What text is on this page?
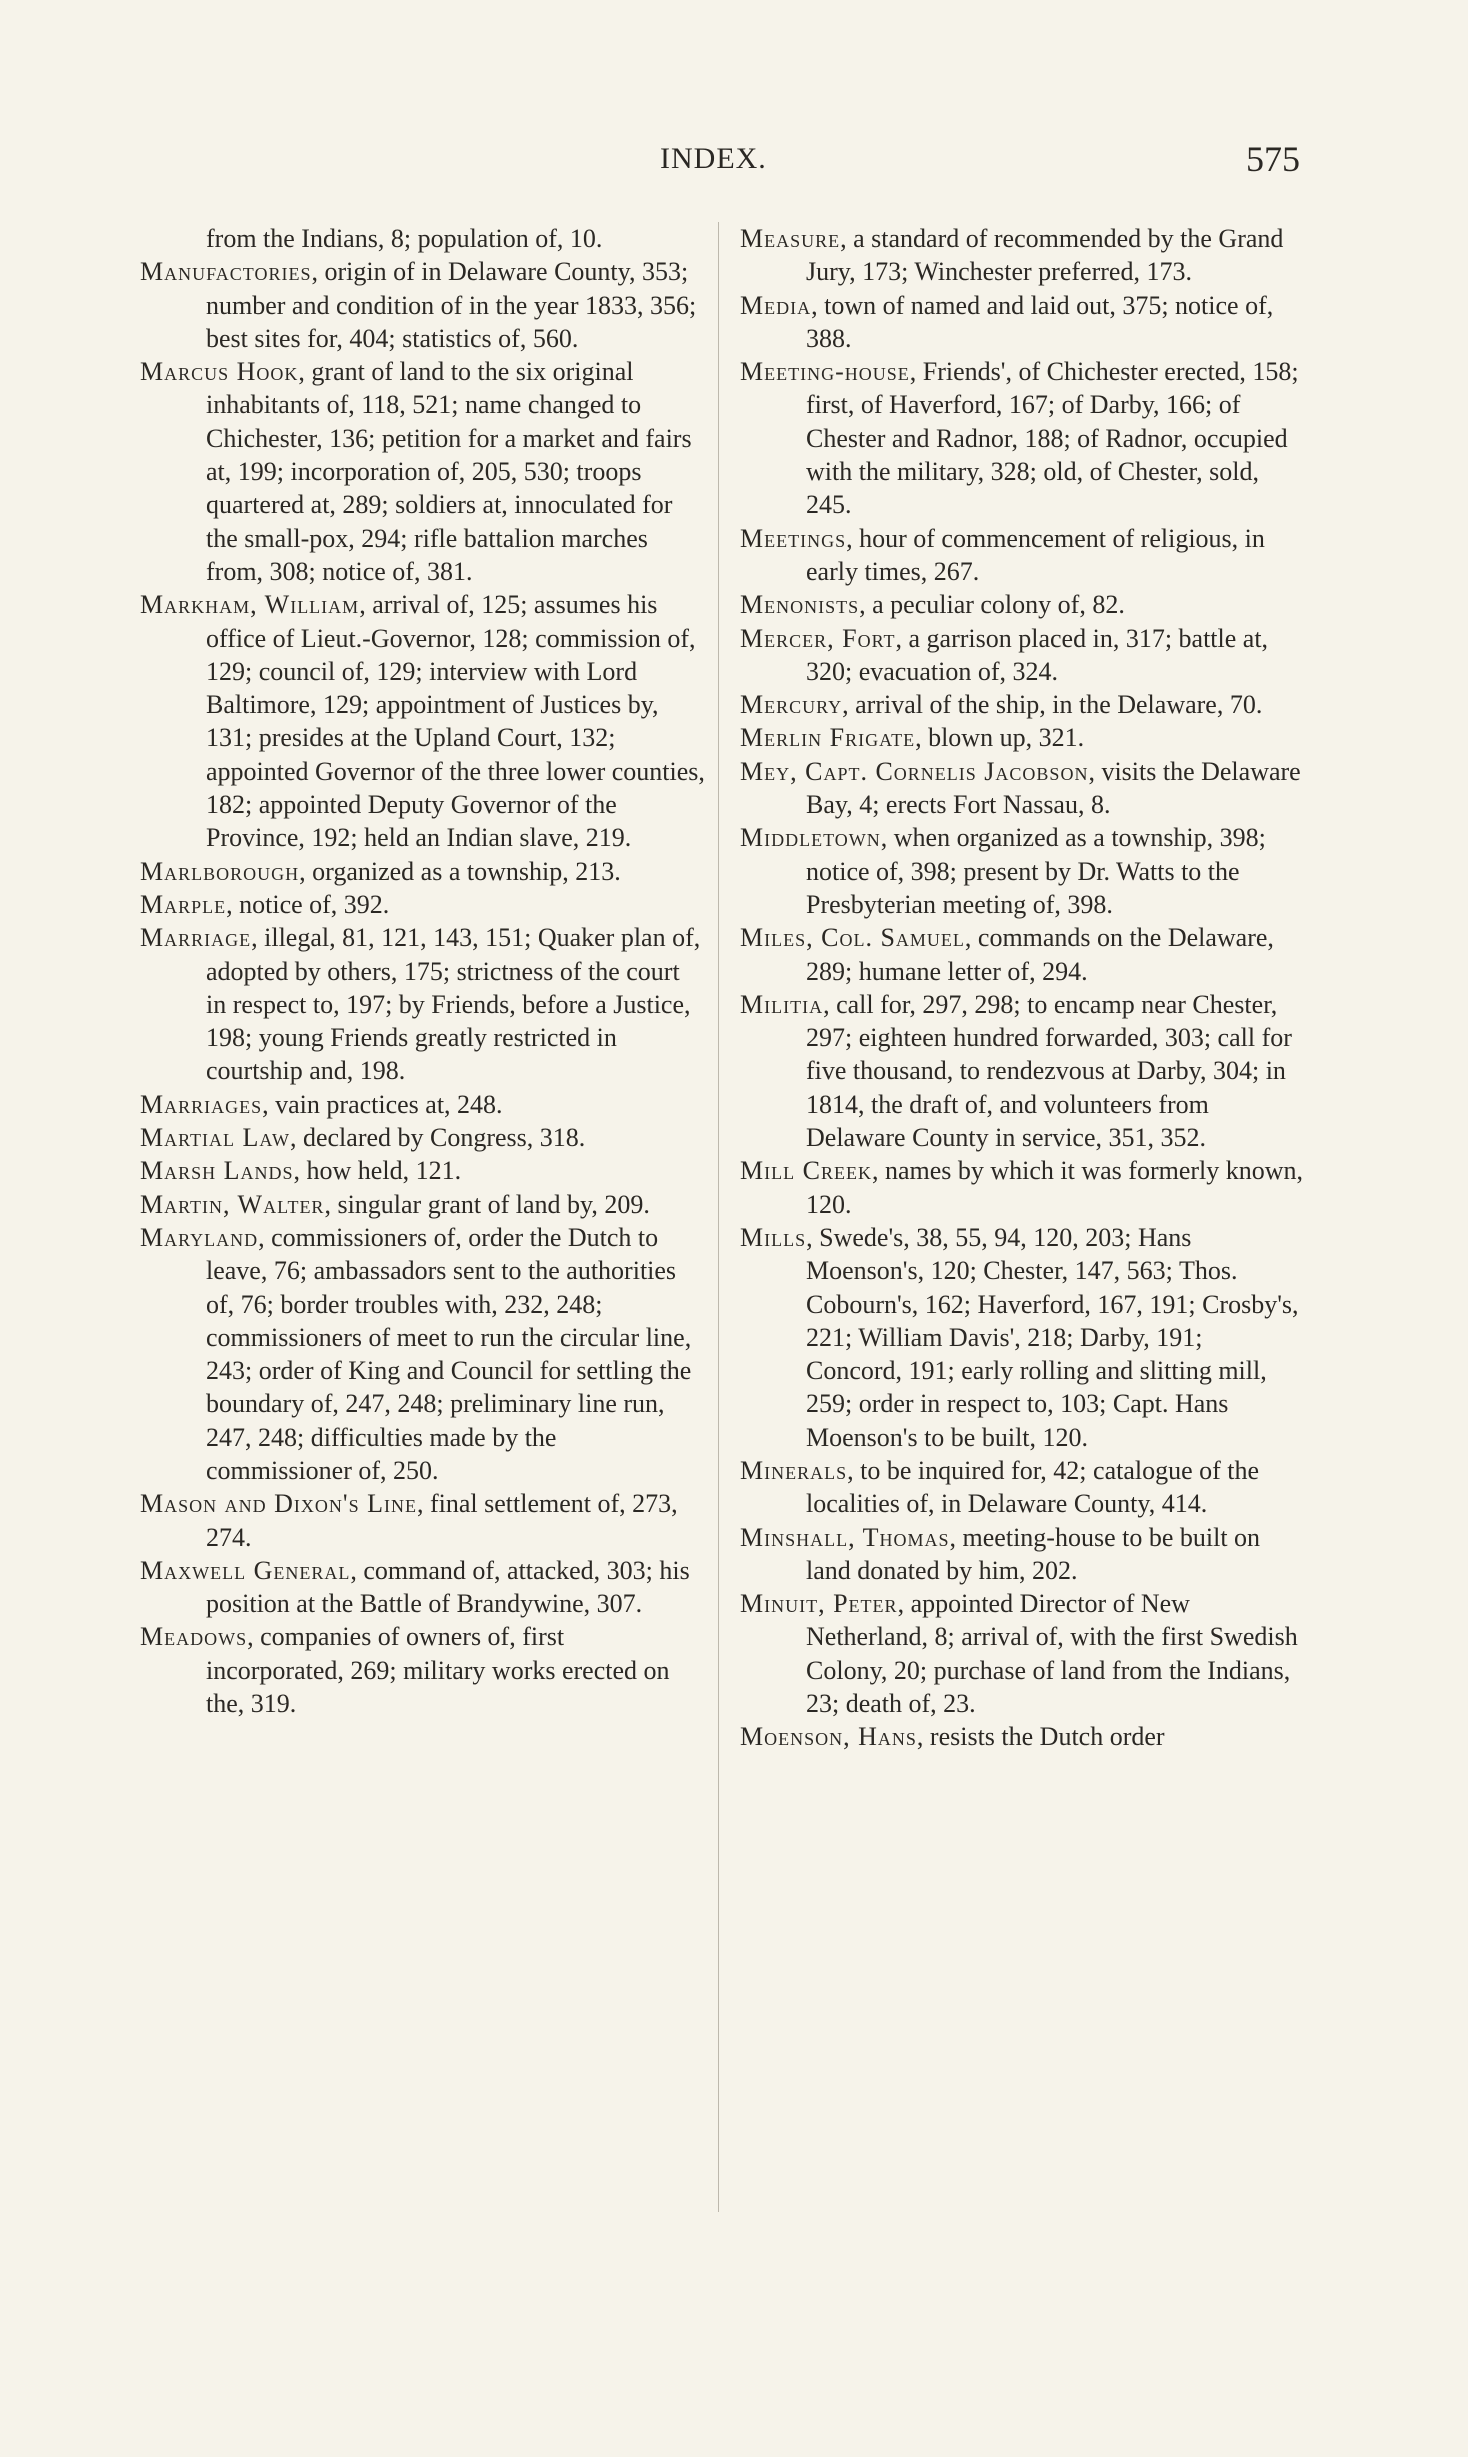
INDEX.	575

from the Indians, 8; population of, 10.

Manufactories, origin of in Delaware County, 353; number and condition of in the year 1833, 356; best sites for, 404; statistics of, 560.

Marcus Hook, grant of land to the six original inhabitants of, 118, 521; name changed to Chichester, 136; petition for a market and fairs at, 199; incorporation of, 205, 530; troops quartered at, 289; soldiers at, innoculated for the small-pox, 294; rifle battalion marches from, 308; notice of, 381.

Markham, William, arrival of, 125; assumes his office of Lieut.-Governor, 128; commission of, 129; council of, 129; interview with Lord Baltimore, 129; appointment of Justices by, 131; presides at the Upland Court, 132; appointed Governor of the three lower counties, 182; appointed Deputy Governor of the Province, 192; held an Indian slave, 219.

Marlborough, organized as a township, 213.

Marple, notice of, 392.

Marriage, illegal, 81, 121, 143, 151; Quaker plan of, adopted by others, 175; strictness of the court in respect to, 197; by Friends, before a Justice, 198; young Friends greatly restricted in courtship and, 198.

Marriages, vain practices at, 248.

Martial Law, declared by Congress, 318.

Marsh Lands, how held, 121.

Martin, Walter, singular grant of land by, 209.

Maryland, commissioners of, order the Dutch to leave, 76; ambassadors sent to the authorities of, 76; border troubles with, 232, 248; commissioners of meet to run the circular line, 243; order of King and Council for settling the boundary of, 247, 248; preliminary line run, 247, 248; difficulties made by the commissioner of, 250.

Mason and Dixon's Line, final settlement of, 273, 274.

Maxwell General, command of, attacked, 303; his position at the Battle of Brandywine, 307.

Meadows, companies of owners of, first incorporated, 269; military works erected on the, 319.

Measure, a standard of recommended by the Grand Jury, 173; Winchester preferred, 173.

Media, town of named and laid out, 375; notice of, 388.

Meeting-house, Friends', of Chichester erected, 158; first, of Haverford, 167; of Darby, 166; of Chester and Radnor, 188; of Radnor, occupied with the military, 328; old, of Chester, sold, 245.

Meetings, hour of commencement of religious, in early times, 267.

Menonists, a peculiar colony of, 82.

Mercer, Fort, a garrison placed in, 317; battle at, 320; evacuation of, 324.

Mercury, arrival of the ship, in the Delaware, 70.

Merlin Frigate, blown up, 321.

Mey, Capt. Cornelis Jacobson, visits the Delaware Bay, 4; erects Fort Nassau, 8.

Middletown, when organized as a township, 398; notice of, 398; present by Dr. Watts to the Presbyterian meeting of, 398.

Miles, Col. Samuel, commands on the Delaware, 289; humane letter of, 294.

Militia, call for, 297, 298; to encamp near Chester, 297; eighteen hundred forwarded, 303; call for five thousand, to rendezvous at Darby, 304; in 1814, the draft of, and volunteers from Delaware County in service, 351, 352.

Mill Creek, names by which it was formerly known, 120.

Mills, Swede's, 38, 55, 94, 120, 203; Hans Moenson's, 120; Chester, 147, 563; Thos. Cobourn's, 162; Haverford, 167, 191; Crosby's, 221; William Davis', 218; Darby, 191; Concord, 191; early rolling and slitting mill, 259; order in respect to, 103; Capt. Hans Moenson's to be built, 120.

Minerals, to be inquired for, 42; catalogue of the localities of, in Delaware County, 414.

Minshall, Thomas, meeting-house to be built on land donated by him, 202.

Minuit, Peter, appointed Director of New Netherland, 8; arrival of, with the first Swedish Colony, 20; purchase of land from the Indians, 23; death of, 23.

Moenson, Hans, resists the Dutch order
